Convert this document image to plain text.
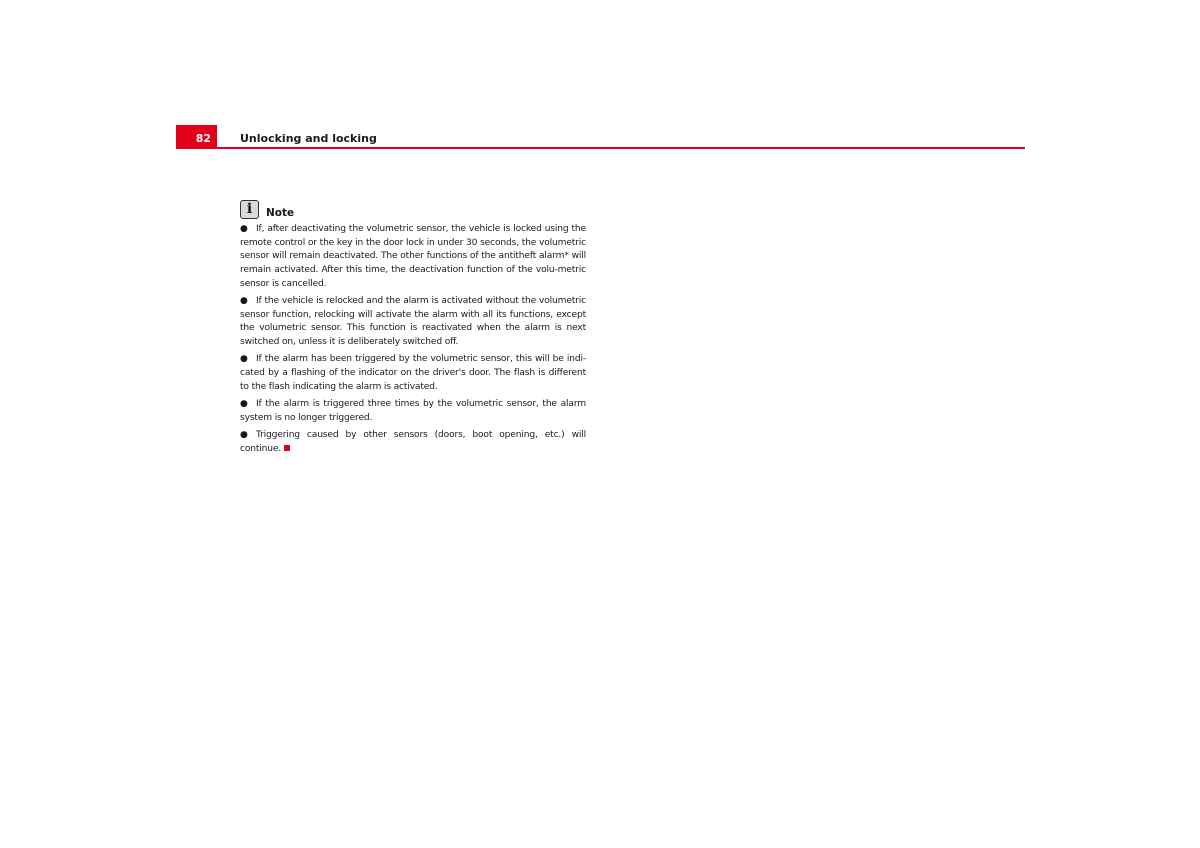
82	Unlocking and locking
i	Note
● If, after deactivating the volumetric sensor, the vehicle is locked using the remote control or the key in the door lock in under 30 seconds, the volumetric sensor will remain deactivated. The other functions of the antitheft alarm* will remain activated. After this time, the deactivation function of the volu-metric sensor is cancelled.
● If the vehicle is relocked and the alarm is activated without the volumetric sensor function, relocking will activate the alarm with all its functions, except the volumetric sensor. This function is reactivated when the alarm is next switched on, unless it is deliberately switched off.
● If the alarm has been triggered by the volumetric sensor, this will be indi-cated by a flashing of the indicator on the driver's door. The flash is different to the flash indicating the alarm is activated.
● If the alarm is triggered three times by the volumetric sensor, the alarm system is no longer triggered.
● Triggering caused by other sensors (doors, boot opening, etc.) will continue.
